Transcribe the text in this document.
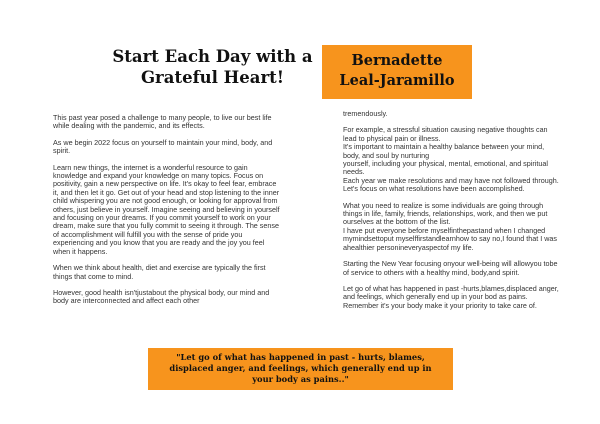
Start Each Day with a
Grateful Heart!
Bernadette
Leal-Jaramillo

This past year posed a challenge to many people, to live our best life while dealing with the pandemic, and its effects.

As we begin 2022 focus on yourself to maintain your mind, body, and spirit.

Learn new things, the internet is a wonderful resource to gain knowledge and expand your knowledge on many topics. Focus on positivity, gain a new perspective on life. It's okay to feel fear, embrace it, and then let it go. Get out of your head and stop listening to the inner child whispering you are not good enough, or looking for approval from others, just believe in yourself. Imagine seeing and believing in yourself and focusing on your dreams. If you commit yourself to work on your dream, make sure that you fully commit to seeing it through. The sense of accomplishment will fulfill you with the sense of pride you experiencing and you know that you are ready and the joy you feel when it happens.

When we think about health, diet and exercise are typically the first things that come to mind.

However, good health isn'tjustabout the physical body, our mind and body are interconnected and affect each other

tremendously.

For example, a stressful situation causing negative thoughts can lead to physical pain or illness.
It's important to maintain a healthy balance between your mind, body, and soul by nurturing
yourself, including your physical, mental, emotional, and spiritual needs.
Each year we make resolutions and may have not followed through. Let's focus on what resolutions have been accomplished.

What you need to realize is some individuals are going through things in life, family, friends, relationships, work, and then we put ourselves at the bottom of the list.
I have put everyone before myselfinthepastand when I changed mymindsettoput myselffirstandlearnhow to say no,I found that I was ahealthier personineveryaspectof my life.

Starting the New Year focusing onyour well-being will allowyou tobe of service to others with a healthy mind, body,and spirit.

Let go of what has happened in past -hurts,blames,displaced anger, and feelings, which generally end up in your bod as pains. Remember it's your body make it your priority to take care of.

"Let go of what has happened in past - hurts, blames, displaced anger, and feelings, which generally end up in your body as pains.."
